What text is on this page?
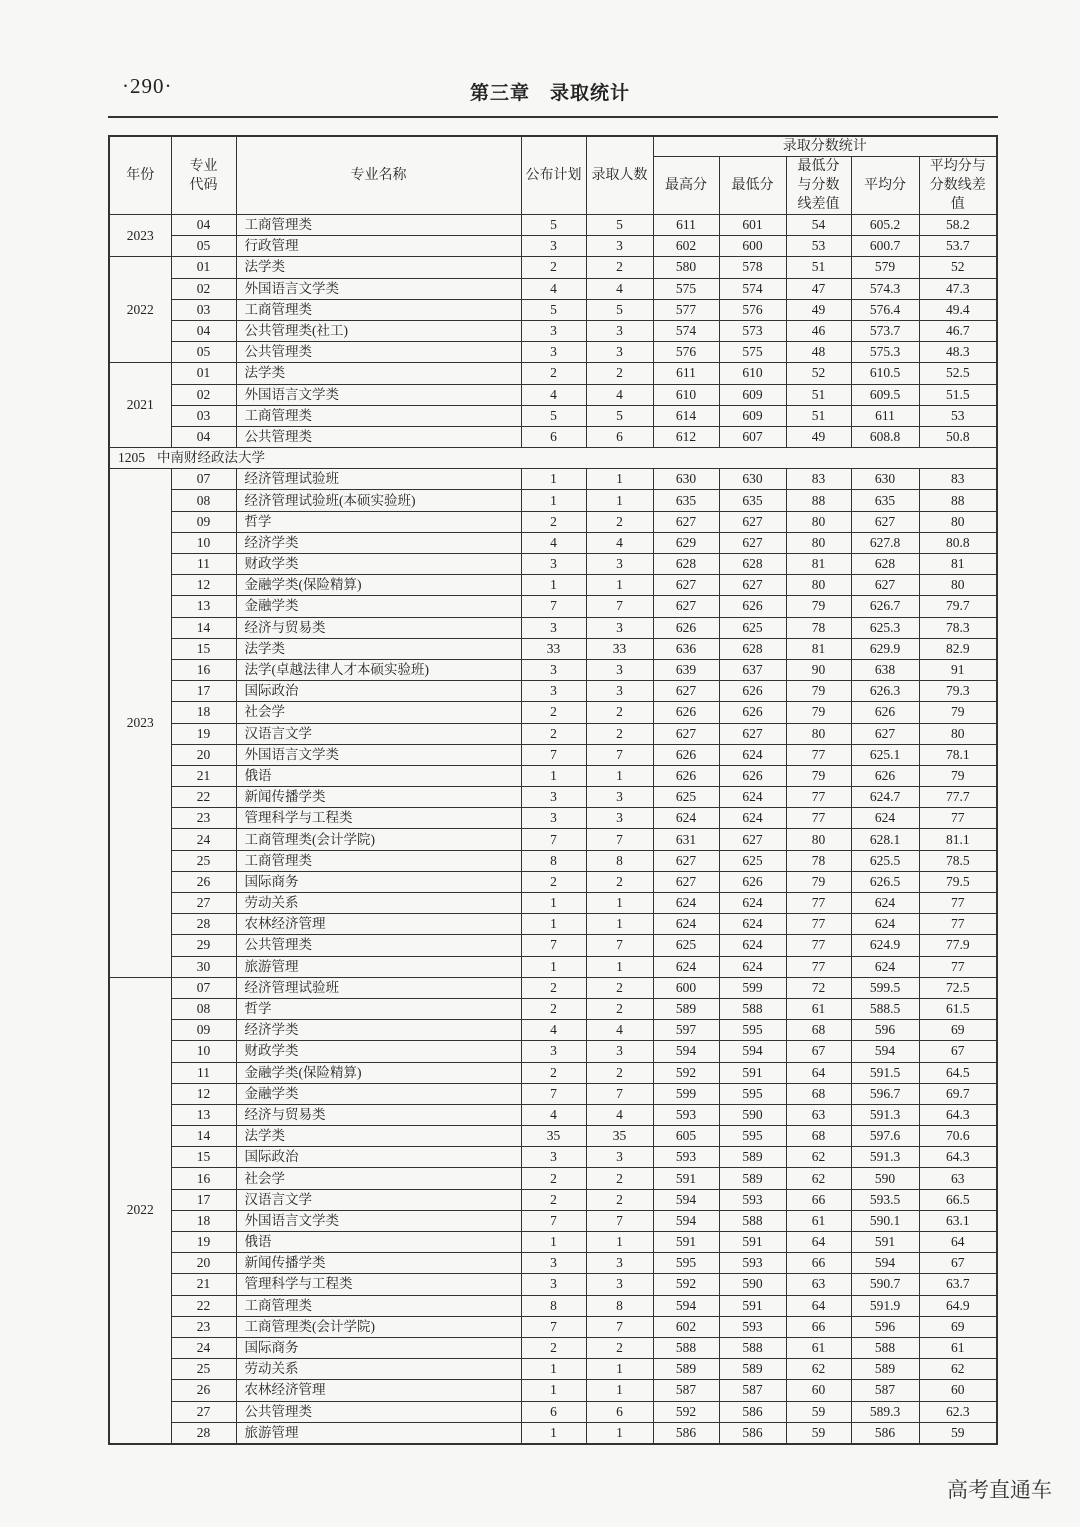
·290·	第三章　录取统计
年份	专业代码	专业名称	公布计划	录取人数	录取分数统计				
					最高分	最低分	最低分与分数线差值	平均分	平均分与分数线差值
2023	04	工商管理类	5	5	611	601	54	605.2	58.2
	05	行政管理	3	3	602	600	53	600.7	53.7
2022	01	法学类	2	2	580	578	51	579	52
	02	外国语言文学类	4	4	575	574	47	574.3	47.3
	03	工商管理类	5	5	577	576	49	576.4	49.4
	04	公共管理类(社工)	3	3	574	573	46	573.7	46.7
	05	公共管理类	3	3	576	575	48	575.3	48.3
2021	01	法学类	2	2	611	610	52	610.5	52.5
	02	外国语言文学类	4	4	610	609	51	609.5	51.5
	03	工商管理类	5	5	614	609	51	611	53
	04	公共管理类	6	6	612	607	49	608.8	50.8
1205 中南财经政法大学									
2023	07	经济管理试验班	1	1	630	630	83	630	83
	08	经济管理试验班(本硕实验班)	1	1	635	635	88	635	88
	09	哲学	2	2	627	627	80	627	80
	10	经济学类	4	4	629	627	80	627.8	80.8
	11	财政学类	3	3	628	628	81	628	81
	12	金融学类(保险精算)	1	1	627	627	80	627	80
	13	金融学类	7	7	627	626	79	626.7	79.7
	14	经济与贸易类	3	3	626	625	78	625.3	78.3
	15	法学类	33	33	636	628	81	629.9	82.9
	16	法学(卓越法律人才本硕实验班)	3	3	639	637	90	638	91
	17	国际政治	3	3	627	626	79	626.3	79.3
	18	社会学	2	2	626	626	79	626	79
	19	汉语言文学	2	2	627	627	80	627	80
	20	外国语言文学类	7	7	626	624	77	625.1	78.1
	21	俄语	1	1	626	626	79	626	79
	22	新闻传播学类	3	3	625	624	77	624.7	77.7
	23	管理科学与工程类	3	3	624	624	77	624	77
	24	工商管理类(会计学院)	7	7	631	627	80	628.1	81.1
	25	工商管理类	8	8	627	625	78	625.5	78.5
	26	国际商务	2	2	627	626	79	626.5	79.5
	27	劳动关系	1	1	624	624	77	624	77
	28	农林经济管理	1	1	624	624	77	624	77
	29	公共管理类	7	7	625	624	77	624.9	77.9
	30	旅游管理	1	1	624	624	77	624	77
2022	07	经济管理试验班	2	2	600	599	72	599.5	72.5
	08	哲学	2	2	589	588	61	588.5	61.5
	09	经济学类	4	4	597	595	68	596	69
	10	财政学类	3	3	594	594	67	594	67
	11	金融学类(保险精算)	2	2	592	591	64	591.5	64.5
	12	金融学类	7	7	599	595	68	596.7	69.7
	13	经济与贸易类	4	4	593	590	63	591.3	64.3
	14	法学类	35	35	605	595	68	597.6	70.6
	15	国际政治	3	3	593	589	62	591.3	64.3
	16	社会学	2	2	591	589	62	590	63
	17	汉语言文学	2	2	594	593	66	593.5	66.5
	18	外国语言文学类	7	7	594	588	61	590.1	63.1
	19	俄语	1	1	591	591	64	591	64
	20	新闻传播学类	3	3	595	593	66	594	67
	21	管理科学与工程类	3	3	592	590	63	590.7	63.7
	22	工商管理类	8	8	594	591	64	591.9	64.9
	23	工商管理类(会计学院)	7	7	602	593	66	596	69
	24	国际商务	2	2	588	588	61	588	61
	25	劳动关系	1	1	589	589	62	589	62
	26	农林经济管理	1	1	587	587	60	587	60
	27	公共管理类	6	6	592	586	59	589.3	62.3
	28	旅游管理	1	1	586	586	59	586	59
高考直通车
